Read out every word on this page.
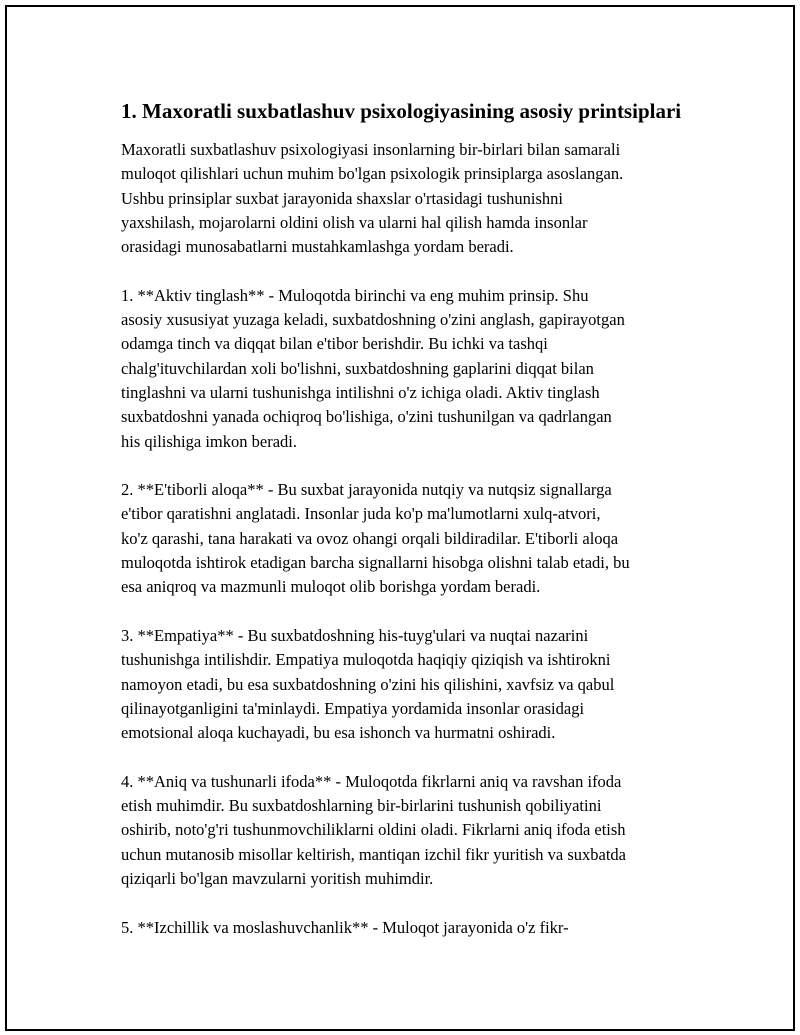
1. Maxoratli suxbatlashuv psixologiyasining asosiy printsiplari

Maxoratli suxbatlashuv psixologiyasi insonlarning bir-birlari bilan samarali
muloqot qilishlari uchun muhim bo'lgan psixologik prinsiplarga asoslangan.
Ushbu prinsiplar suxbat jarayonida shaxslar o'rtasidagi tushunishni
yaxshilash, mojarolarni oldini olish va ularni hal qilish hamda insonlar
orasidagi munosabatlarni mustahkamlashga yordam beradi.

1. **Aktiv tinglash** - Muloqotda birinchi va eng muhim prinsip. Shu
asosiy xususiyat yuzaga keladi, suxbatdoshning o'zini anglash, gapirayotgan
odamga tinch va diqqat bilan e'tibor berishdir. Bu ichki va tashqi
chalg'ituvchilardan xoli bo'lishni, suxbatdoshning gaplarini diqqat bilan
tinglashni va ularni tushunishga intilishni o'z ichiga oladi. Aktiv tinglash
suxbatdoshni yanada ochiqroq bo'lishiga, o'zini tushunilgan va qadrlangan
his qilishiga imkon beradi.

2. **E'tiborli aloqa** - Bu suxbat jarayonida nutqiy va nutqsiz signallarga
e'tibor qaratishni anglatadi. Insonlar juda ko'p ma'lumotlarni xulq-atvori,
ko'z qarashi, tana harakati va ovoz ohangi orqali bildiradilar. E'tiborli aloqa
muloqotda ishtirok etadigan barcha signallarni hisobga olishni talab etadi, bu
esa aniqroq va mazmunli muloqot olib borishga yordam beradi.

3. **Empatiya** - Bu suxbatdoshning his-tuyg'ulari va nuqtai nazarini
tushunishga intilishdir. Empatiya muloqotda haqiqiy qiziqish va ishtirokni
namoyon etadi, bu esa suxbatdoshning o'zini his qilishini, xavfsiz va qabul
qilinayotganligini ta'minlaydi. Empatiya yordamida insonlar orasidagi
emotsional aloqa kuchayadi, bu esa ishonch va hurmatni oshiradi.

4. **Aniq va tushunarli ifoda** - Muloqotda fikrlarni aniq va ravshan ifoda
etish muhimdir. Bu suxbatdoshlarning bir-birlarini tushunish qobiliyatini
oshirib, noto'g'ri tushunmovchiliklarni oldini oladi. Fikrlarni aniq ifoda etish
uchun mutanosib misollar keltirish, mantiqan izchil fikr yuritish va suxbatda
qiziqarli bo'lgan mavzularni yoritish muhimdir.

5. **Izchillik va moslashuvchanlik** - Muloqot jarayonida o'z fikr-
